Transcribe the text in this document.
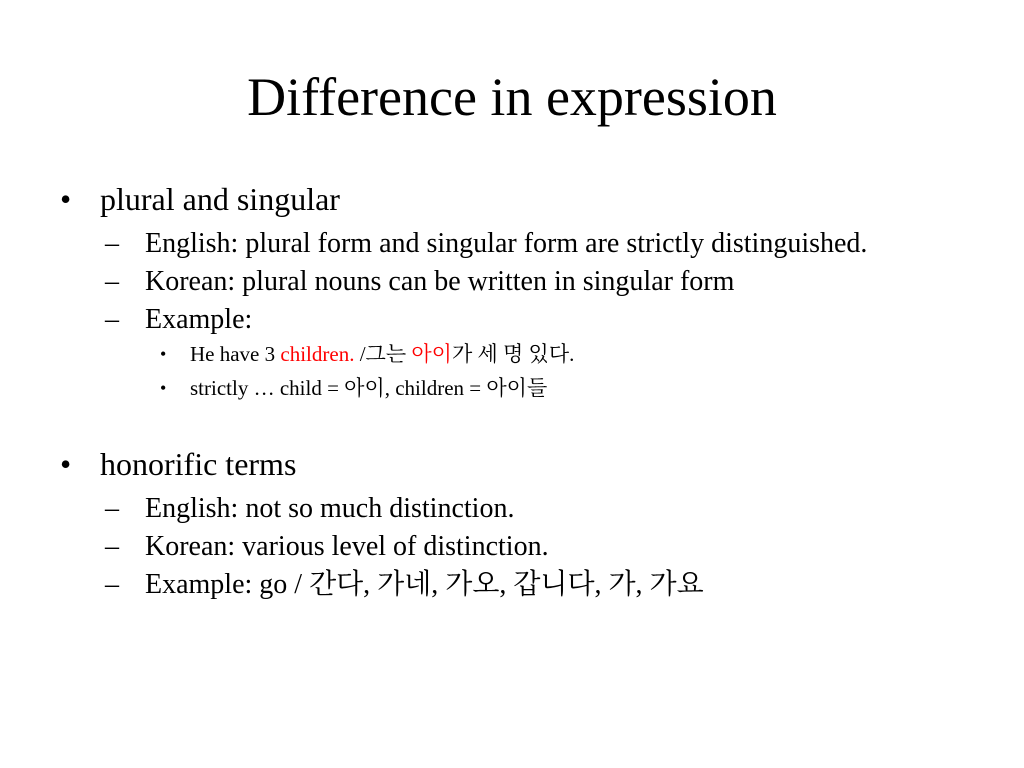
Difference in expression
• plural and singular
– English: plural form and singular form are strictly distinguished.
– Korean: plural nouns can be written in singular form
– Example:
• He have 3 children. /그는 아이가 세 명 있다.
• strictly … child = 아이, children = 아이들
• honorific terms
– English: not so much distinction.
– Korean: various level of distinction.
– Example: go / 간다, 가네, 가오, 갑니다, 가, 가요
